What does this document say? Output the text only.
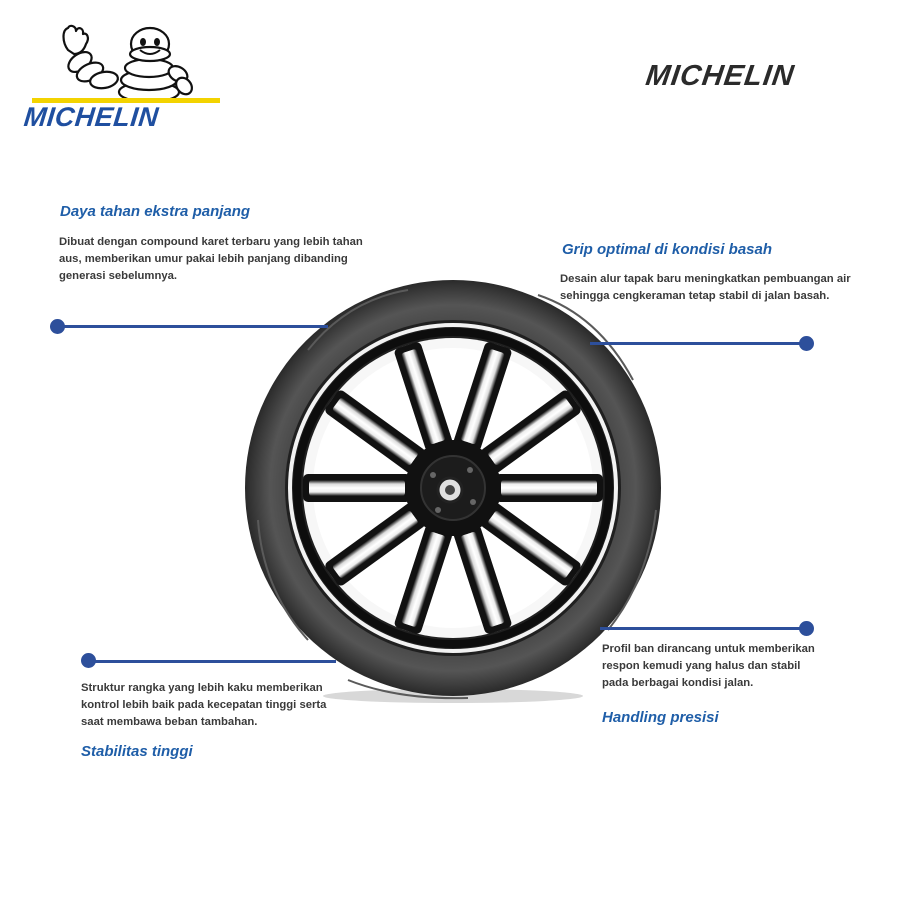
MICHELIN
MICHELIN
Daya tahan ekstra panjang
Dibuat dengan compound karet terbaru yang lebih tahan
aus, memberikan umur pakai lebih panjang dibanding
generasi sebelumnya.
Grip optimal di kondisi basah
Desain alur tapak baru meningkatkan pembuangan air
sehingga cengkeraman tetap stabil di jalan basah.
Struktur rangka yang lebih kaku memberikan
kontrol lebih baik pada kecepatan tinggi serta
saat membawa beban tambahan.
Stabilitas tinggi
Profil ban dirancang untuk memberikan
respon kemudi yang halus dan stabil
pada berbagai kondisi jalan.
Handling presisi
